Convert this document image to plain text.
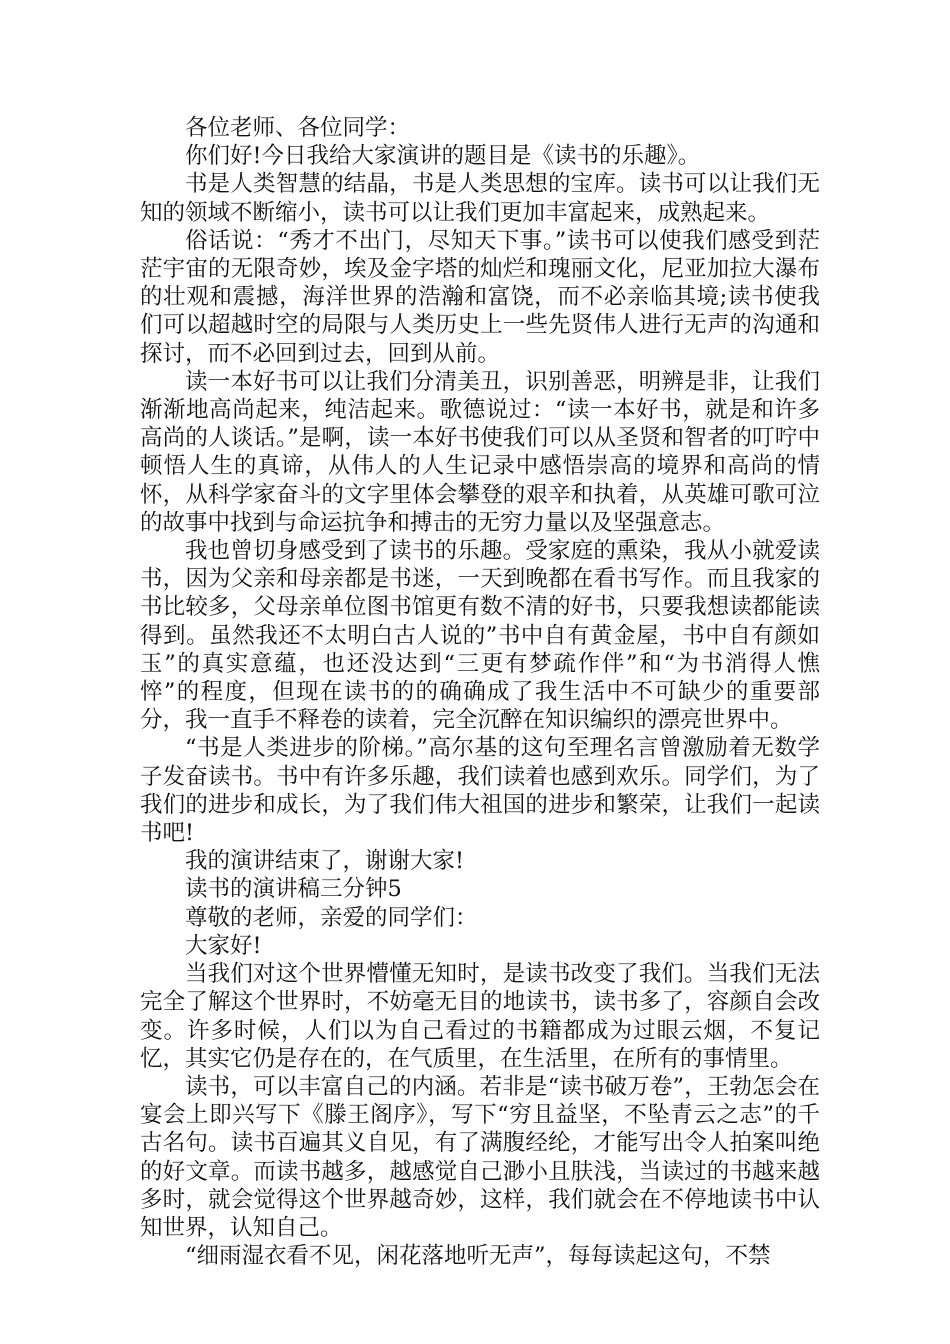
各位老师、各位同学：

你们好!今日我给大家演讲的题目是《读书的乐趣》。

书是人类智慧的结晶，书是人类思想的宝库。读书可以让我们无知的领域不断缩小，读书可以让我们更加丰富起来，成熟起来。

俗话说：“秀才不出门，尽知天下事。”读书可以使我们感受到茫茫宇宙的无限奇妙，埃及金字塔的灿烂和瑰丽文化，尼亚加拉大瀑布的壮观和震撼，海洋世界的浩瀚和富饶，而不必亲临其境;读书使我们可以超越时空的局限与人类历史上一些先贤伟人进行无声的沟通和探讨，而不必回到过去，回到从前。

读一本好书可以让我们分清美丑，识别善恶，明辨是非，让我们渐渐地高尚起来，纯洁起来。歌德说过：“读一本好书，就是和许多高尚的人谈话。”是啊，读一本好书使我们可以从圣贤和智者的叮咛中顿悟人生的真谛，从伟人的人生记录中感悟崇高的境界和高尚的情怀，从科学家奋斗的文字里体会攀登的艰辛和执着，从英雄可歌可泣的故事中找到与命运抗争和搏击的无穷力量以及坚强意志。

我也曾切身感受到了读书的乐趣。受家庭的熏染，我从小就爱读书，因为父亲和母亲都是书迷，一天到晚都在看书写作。而且我家的书比较多，父母亲单位图书馆更有数不清的好书，只要我想读都能读得到。虽然我还不太明白古人说的”书中自有黄金屋，书中自有颜如玉”的真实意蕴，也还没达到“三更有梦疏作伴”和“为书消得人憔悴”的程度，但现在读书的的确确成了我生活中不可缺少的重要部分，我一直手不释卷的读着，完全沉醉在知识编织的漂亮世界中。

“书是人类进步的阶梯。”高尔基的这句至理名言曾激励着无数学子发奋读书。书中有许多乐趣，我们读着也感到欢乐。同学们，为了我们的进步和成长，为了我们伟大祖国的进步和繁荣，让我们一起读书吧!

我的演讲结束了，谢谢大家!

读书的演讲稿三分钟5

尊敬的老师，亲爱的同学们：

大家好!

当我们对这个世界懵懂无知时，是读书改变了我们。当我们无法完全了解这个世界时，不妨毫无目的地读书，读书多了，容颜自会改变。许多时候，人们以为自己看过的书籍都成为过眼云烟，不复记忆，其实它仍是存在的，在气质里，在生活里，在所有的事情里。

读书，可以丰富自己的内涵。若非是“读书破万卷”，王勃怎会在宴会上即兴写下《滕王阁序》，写下“穷且益坚，不坠青云之志”的千古名句。读书百遍其义自见，有了满腹经纶，才能写出令人拍案叫绝的好文章。而读书越多，越感觉自己渺小且肤浅，当读过的书越来越多时，就会觉得这个世界越奇妙，这样，我们就会在不停地读书中认知世界，认知自己。

“细雨湿衣看不见，闲花落地听无声”，每每读起这句，不禁
